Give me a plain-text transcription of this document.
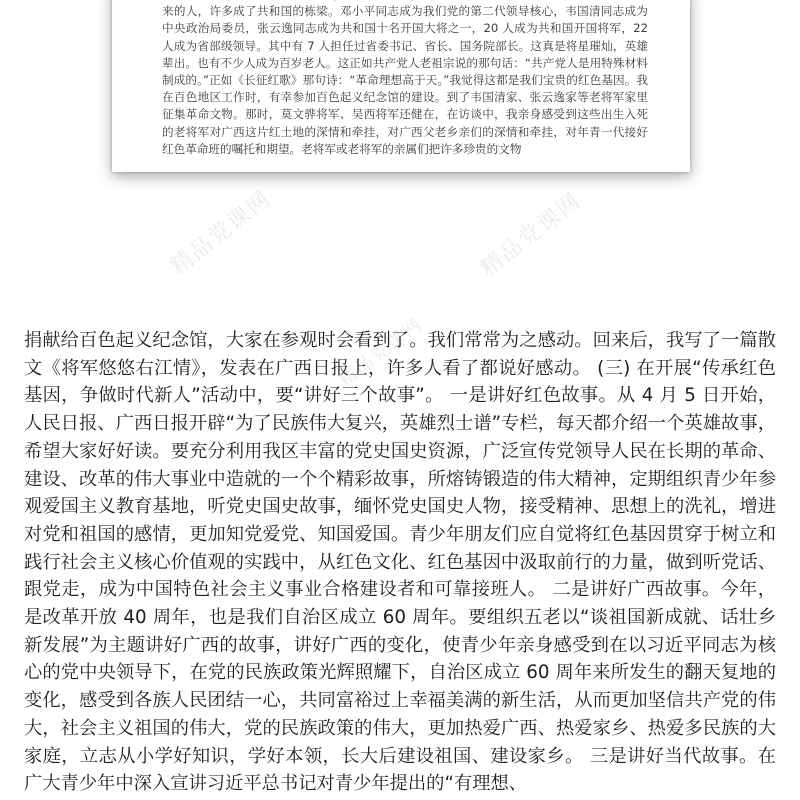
来的人，许多成了共和国的栋梁。邓小平同志成为我们党的第二代领导核心，韦国清同志成为中央政治局委员，张云逸同志成为共和国十名开国大将之一，20 人成为共和国开国将军，22 人成为省部级领导。其中有 7 人担任过省委书记、省长、国务院部长。这真是将星璀灿，英雄辈出。也有不少人成为百岁老人。这正如共产党人老祖宗说的那句话：“共产党人是用特殊材料制成的。”正如《长征红歌》那句诗：“革命理想高于天。”我觉得这都是我们宝贵的红色基因。我在百色地区工作时，有幸参加百色起义纪念馆的建设。到了韦国清家、张云逸家等老将军家里征集革命文物。那时，莫文骅将军、吴西将军还健在，在访谈中，我亲身感受到这些出生入死的老将军对广西这片红土地的深情和牵挂，对广西父老乡亲们的深情和牵挂，对年青一代接好红色革命班的嘱托和期望。老将军或老将军的亲属们把许多珍贵的文物
精品党课网	精品党课网
精品党课网
捐献给百色起义纪念馆，大家在参观时会看到了。我们常常为之感动。回来后，我写了一篇散文《将军悠悠右江情》，发表在广西日报上，许多人看了都说好感动。 (三) 在开展“传承红色基因，争做时代新人”活动中，要“讲好三个故事”。 一是讲好红色故事。从 4 月 5 日开始，人民日报、广西日报开辟“为了民族伟大复兴，英雄烈士谱”专栏，每天都介绍一个英雄故事，希望大家好好读。要充分利用我区丰富的党史国史资源，广泛宣传党领导人民在长期的革命、建设、改革的伟大事业中造就的一个个精彩故事，所熔铸锻造的伟大精神，定期组织青少年参观爱国主义教育基地，听党史国史故事，缅怀党史国史人物，接受精神、思想上的洗礼，增进对党和祖国的感情，更加知党爱党、知国爱国。青少年朋友们应自觉将红色基因贯穿于树立和践行社会主义核心价值观的实践中，从红色文化、红色基因中汲取前行的力量，做到听党话、跟党走，成为中国特色社会主义事业合格建设者和可靠接班人。 二是讲好广西故事。今年，是改革开放 40 周年，也是我们自治区成立 60 周年。要组织五老以“谈祖国新成就、话壮乡新发展”为主题讲好广西的故事，讲好广西的变化，使青少年亲身感受到在以习近平同志为核心的党中央领导下，在党的民族政策光辉照耀下，自治区成立 60 周年来所发生的翻天复地的变化，感受到各族人民团结一心，共同富裕过上幸福美满的新生活，从而更加坚信共产党的伟大，社会主义祖国的伟大，党的民族政策的伟大，更加热爱广西、热爱家乡、热爱多民族的大家庭，立志从小学好知识，学好本领，长大后建设祖国、建设家乡。 三是讲好当代故事。在广大青少年中深入宣讲习近平总书记对青少年提出的“有理想、
